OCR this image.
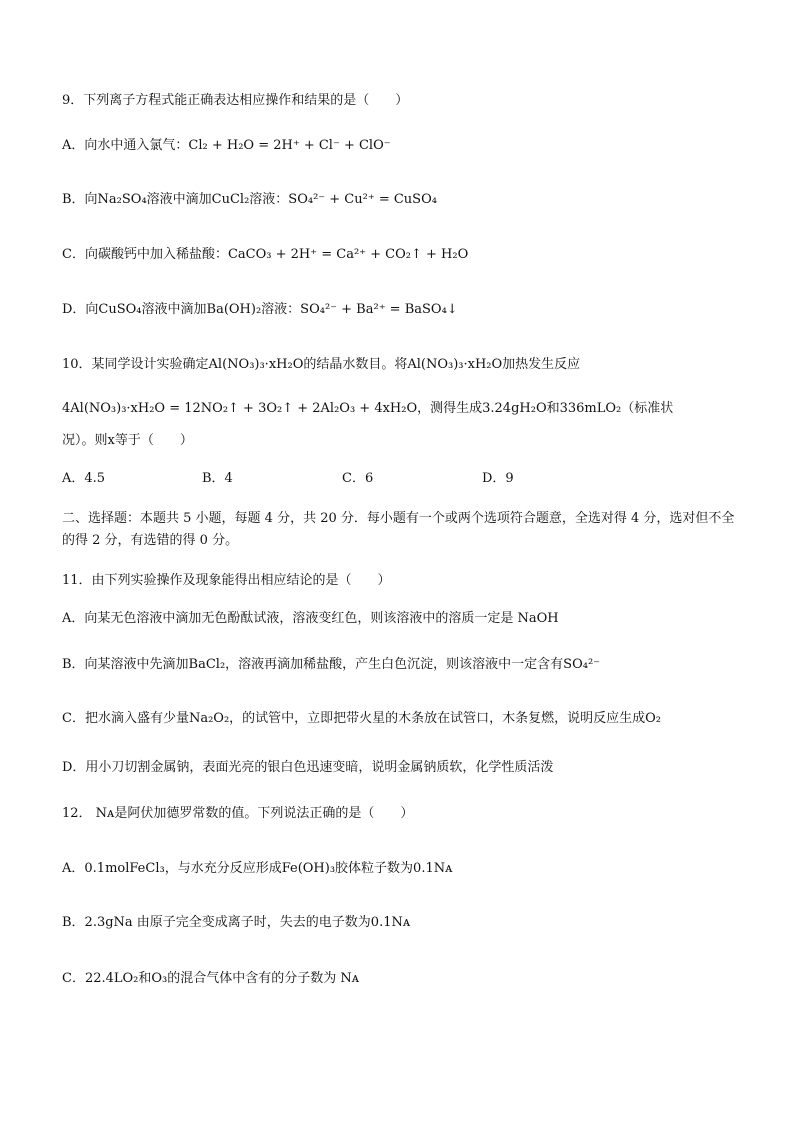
9．下列离子方程式能正确表达相应操作和结果的是（　　）
A．向水中通入氯气：Cl₂ + H₂O = 2H⁺ + Cl⁻ + ClO⁻
B．向Na₂SO₄溶液中滴加CuCl₂溶液：SO₄²⁻ + Cu²⁺ = CuSO₄
C．向碳酸钙中加入稀盐酸：CaCO₃ + 2H⁺ = Ca²⁺ + CO₂↑ + H₂O
D．向CuSO₄溶液中滴加Ba(OH)₂溶液：SO₄²⁻ + Ba²⁺ = BaSO₄↓
10．某同学设计实验确定Al(NO₃)₃·xH₂O的结晶水数目。将Al(NO₃)₃·xH₂O加热发生反应
4Al(NO₃)₃·xH₂O = 12NO₂↑ + 3O₂↑ + 2Al₂O₃ + 4xH₂O，测得生成3.24gH₂O和336mLO₂（标准状
况）。则x等于（　　）
A．4.5	B．4	C．6	D．9
二、选择题：本题共 5 小题，每题 4 分，共 20 分．每小题有一个或两个选项符合题意，全选对得 4 分，选对但不全的得 2 分，有选错的得 0 分。
11．由下列实验操作及现象能得出相应结论的是（　　）
A．向某无色溶液中滴加无色酚酞试液，溶液变红色，则该溶液中的溶质一定是 NaOH
B．向某溶液中先滴加BaCl₂，溶液再滴加稀盐酸，产生白色沉淀，则该溶液中一定含有SO₄²⁻
C．把水滴入盛有少量Na₂O₂，的试管中，立即把带火星的木条放在试管口，木条复燃，说明反应生成O₂
D．用小刀切割金属钠，表面光亮的银白色迅速变暗，说明金属钠质软，化学性质活泼
12． Nᴀ是阿伏加德罗常数的值。下列说法正确的是（　　）
A．0.1molFeCl₃，与水充分反应形成Fe(OH)₃胶体粒子数为0.1Nᴀ
B．2.3gNa 由原子完全变成离子时，失去的电子数为0.1Nᴀ
C．22.4LO₂和O₃的混合气体中含有的分子数为 Nᴀ
